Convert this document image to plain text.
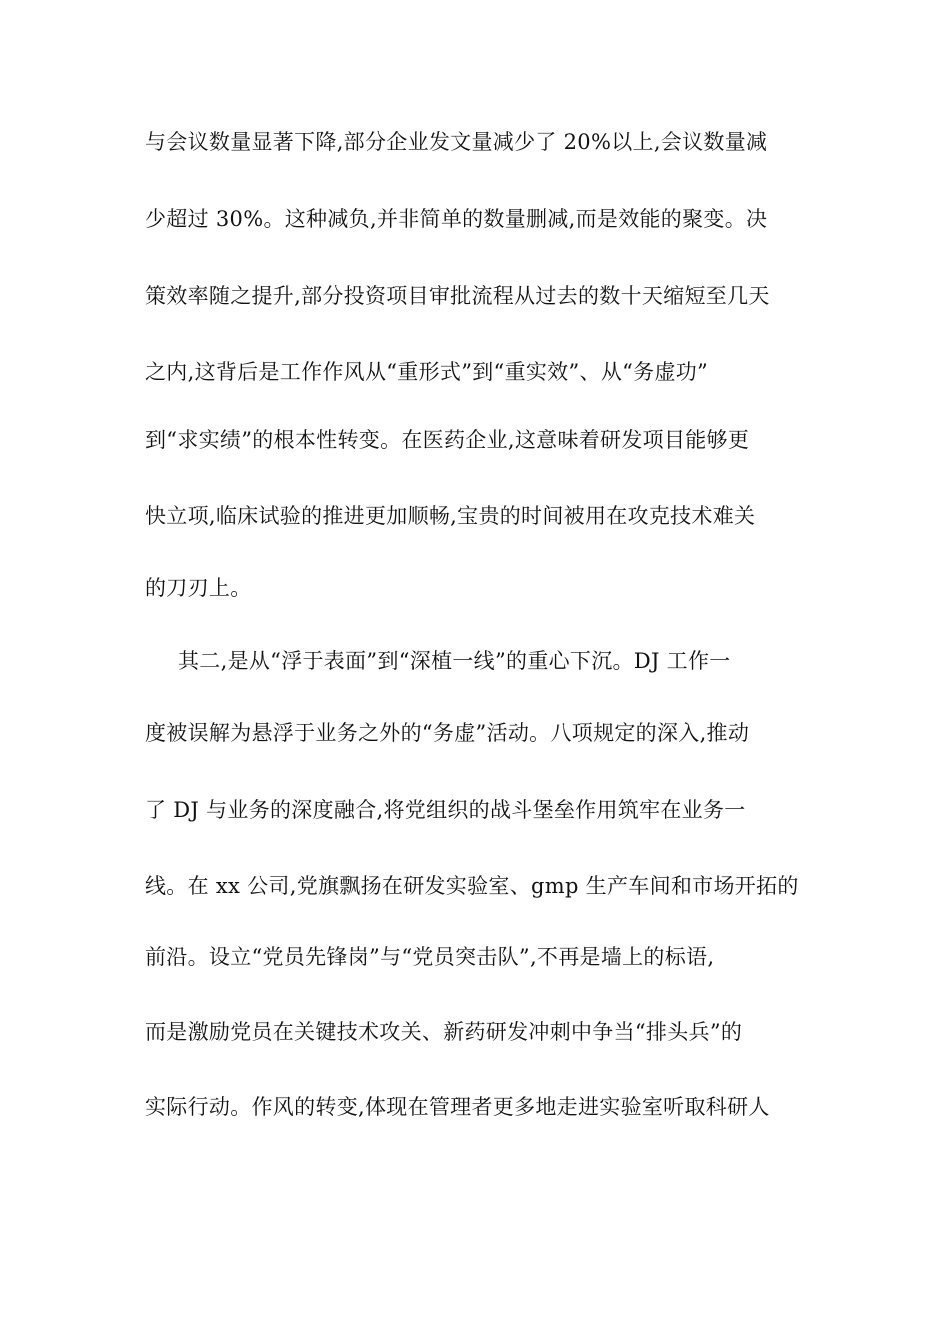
与会议数量显著下降,部分企业发文量减少了 20%以上,会议数量减
少超过 30%。这种减负,并非简单的数量删减,而是效能的聚变。决
策效率随之提升,部分投资项目审批流程从过去的数十天缩短至几天
之内,这背后是工作作风从“重形式”到“重实效”、从“务虚功”
到“求实绩”的根本性转变。在医药企业,这意味着研发项目能够更
快立项,临床试验的推进更加顺畅,宝贵的时间被用在攻克技术难关
的刀刃上。
其二,是从“浮于表面”到“深植一线”的重心下沉。DJ 工作一
度被误解为悬浮于业务之外的“务虚”活动。八项规定的深入,推动
了 DJ 与业务的深度融合,将党组织的战斗堡垒作用筑牢在业务一
线。在 xx 公司,党旗飘扬在研发实验室、gmp 生产车间和市场开拓的
前沿。设立“党员先锋岗”与“党员突击队”,不再是墙上的标语,
而是激励党员在关键技术攻关、新药研发冲刺中争当“排头兵”的
实际行动。作风的转变,体现在管理者更多地走进实验室听取科研人
